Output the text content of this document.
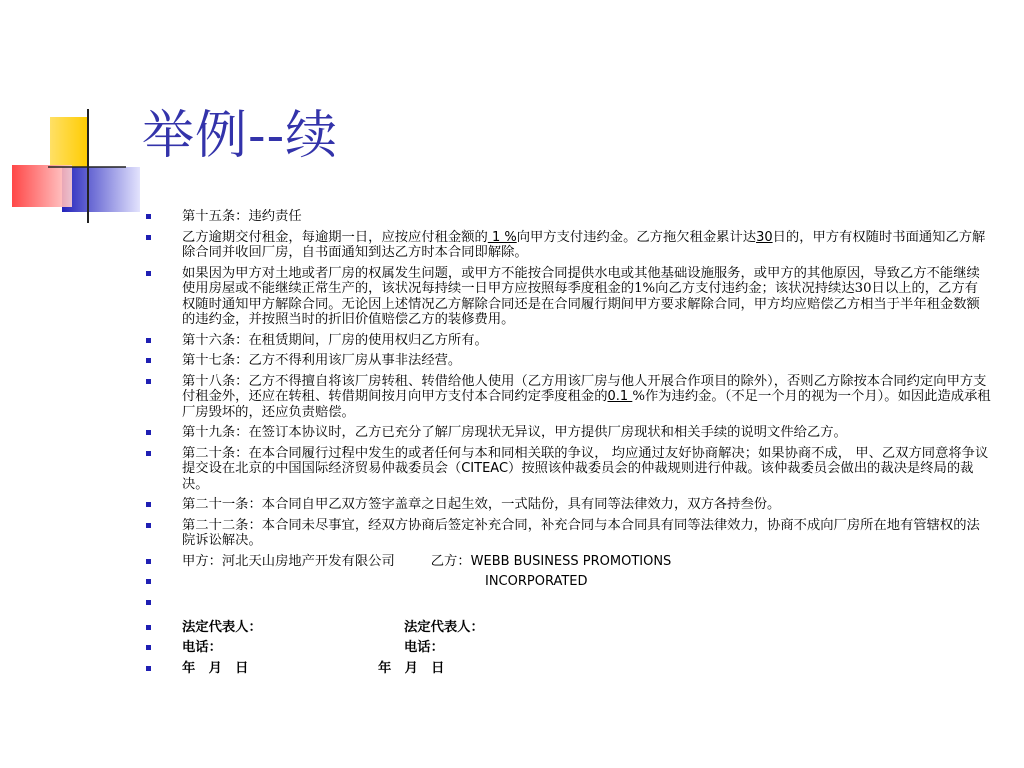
举例--续
第十五条：违约责任
乙方逾期交付租金，每逾期一日，应按应付租金额的 1 %向甲方支付违约金。乙方拖欠租金累计达30日的，甲方有权随时书面通知乙方解除合同并收回厂房，自书面通知到达乙方时本合同即解除。
如果因为甲方对土地或者厂房的权属发生问题，或甲方不能按合同提供水电或其他基础设施服务，或甲方的其他原因，导致乙方不能继续使用房屋或不能继续正常生产的，该状况每持续一日甲方应按照每季度租金的1%向乙方支付违约金；该状况持续达30日以上的，乙方有权随时通知甲方解除合同。无论因上述情况乙方解除合同还是在合同履行期间甲方要求解除合同，甲方均应赔偿乙方相当于半年租金数额的违约金，并按照当时的折旧价值赔偿乙方的装修费用。
第十六条：在租赁期间，厂房的使用权归乙方所有。
第十七条：乙方不得利用该厂房从事非法经营。
第十八条：乙方不得擅自将该厂房转租、转借给他人使用（乙方用该厂房与他人开展合作项目的除外），否则乙方除按本合同约定向甲方支付租金外，还应在转租、转借期间按月向甲方支付本合同约定季度租金的0.1 %作为违约金。（不足一个月的视为一个月）。如因此造成承租厂房毁坏的，还应负责赔偿。
第十九条：在签订本协议时，乙方已充分了解厂房现状无异议，甲方提供厂房现状和相关手续的说明文件给乙方。
第二十条：在本合同履行过程中发生的或者任何与本和同相关联的争议， 均应通过友好协商解决；如果协商不成， 甲、乙双方同意将争议提交设在北京的中国国际经济贸易仲裁委员会（CITEAC）按照该仲裁委员会的仲裁规则进行仲裁。该仲裁委员会做出的裁决是终局的裁决。
第二十一条：本合同自甲乙双方签字盖章之日起生效，一式陆份，具有同等法律效力，双方各持叁份。
第二十二条：本合同未尽事宜，经双方协商后签定补充合同，补充合同与本合同具有同等法律效力，协商不成向厂房所在地有管辖权的法院诉讼解决。
甲方：河北天山房地产开发有限公司	乙方：WEBB BUSINESS PROMOTIONS
INCORPORATED
法定代表人：	法定代表人：
电话：	电话：
年　月　日	年　月　日
